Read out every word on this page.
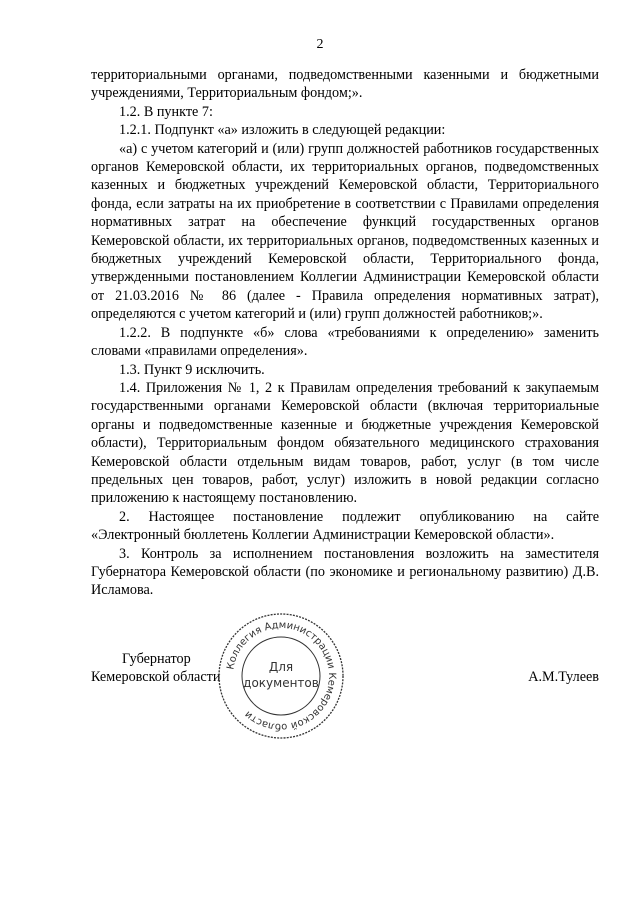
2

территориальными органами, подведомственными казенными и бюджетными учреждениями, Территориальным фондом;».

1.2. В пункте 7:

1.2.1. Подпункт «а» изложить в следующей редакции:

«а) с учетом категорий и (или) групп должностей работников государственных органов Кемеровской области, их территориальных органов, подведомственных казенных и бюджетных учреждений Кемеровской области, Территориального фонда, если затраты на их приобретение в соответствии с Правилами определения нормативных затрат на обеспечение функций государственных органов Кемеровской области, их территориальных органов, подведомственных казенных и бюджетных учреждений Кемеровской области, Территориального фонда, утвержденными постановлением Коллегии Администрации Кемеровской области от 21.03.2016 № 86 (далее - Правила определения нормативных затрат), определяются с учетом категорий и (или) групп должностей работников;».

1.2.2. В подпункте «б» слова «требованиями к определению» заменить словами «правилами определения».

1.3. Пункт 9 исключить.

1.4. Приложения № 1, 2 к Правилам определения требований к закупаемым государственными органами Кемеровской области (включая территориальные органы и подведомственные казенные и бюджетные учреждения Кемеровской области), Территориальным фондом обязательного медицинского страхования Кемеровской области отдельным видам товаров, работ, услуг (в том числе предельных цен товаров, работ, услуг) изложить в новой редакции согласно приложению к настоящему постановлению.

2. Настоящее постановление подлежит опубликованию на сайте «Электронный бюллетень Коллегии Администрации Кемеровской области».

3. Контроль за исполнением постановления возложить на заместителя Губернатора Кемеровской области (по экономике и региональному развитию) Д.В. Исламова.

Губернатор
Кемеровской области	А.М.Тулеев
Коллегия Администрации Кемеровской области
Для
документов
